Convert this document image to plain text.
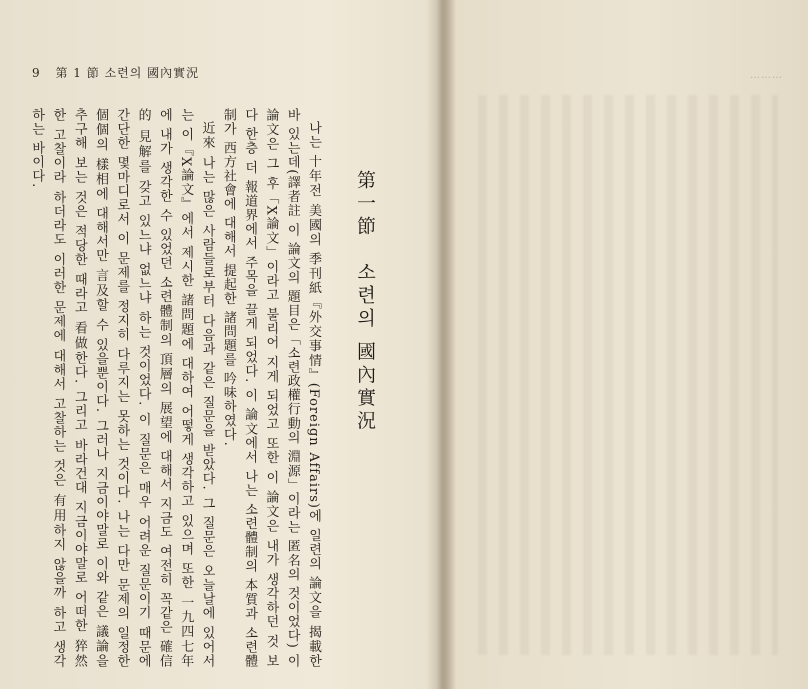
9 第 1 節 소련의 國內實況	………
第一節　소련의 國內實況

나는 十年전 美國의 季刊紙『外交事情』(Foreign Affairs)에 일련의 論文을 揭載한바 있는데(譯者註 이 論文의 題目은「소련政權行動의 淵源」이라는 匿名의 것이었다) 이 論文은 그 후「X論文」이라고 불리어 지게 되었고 또한 이 論文은 내가 생각하던 것 보다 한층 더 報道界에서 주목을 끌게 되었다. 이 論文에서 나는 소련體制의 本質과 소련體制가 西方社會에 대해서 提起한 諸問題를 吟味하였다.

近來 나는 많은 사람들로부터 다음과 같은 질문을 받았다. 그 질문은 오늘날에 있어서는 이『X論文』에서 제시한 諸問題에 대하여 어떻게 생각하고 있으며 또한 一九四七年에 내가 생각한 수 있었던 소련體制의 頂層의 展望에 대해서 지금도 여전히 꼭같은 確信的 見解를 갖고 있느냐 없느냐 하는 것이었다. 이 질문은 매우 어려운 질문이기 때문에 간단한 몇마디로서 이 문제를 정지히 다루지는 못하는 것이다. 나는 다만 문제의 일정한 個個의 樣相에 대해서만 言及할 수 있을뿐이다. 그러나 지금이야말로 이와 같은 議論을 추구해 보는 것은 적당한 때라고 看做한다. 그리고 바라건대 지금이야말로 어떠한 猝然한 고찰이라 하더라도 이러한 문제에 대해서 고찰하는 것은 有用하지 않을까 하고 생각하는 바이다.
